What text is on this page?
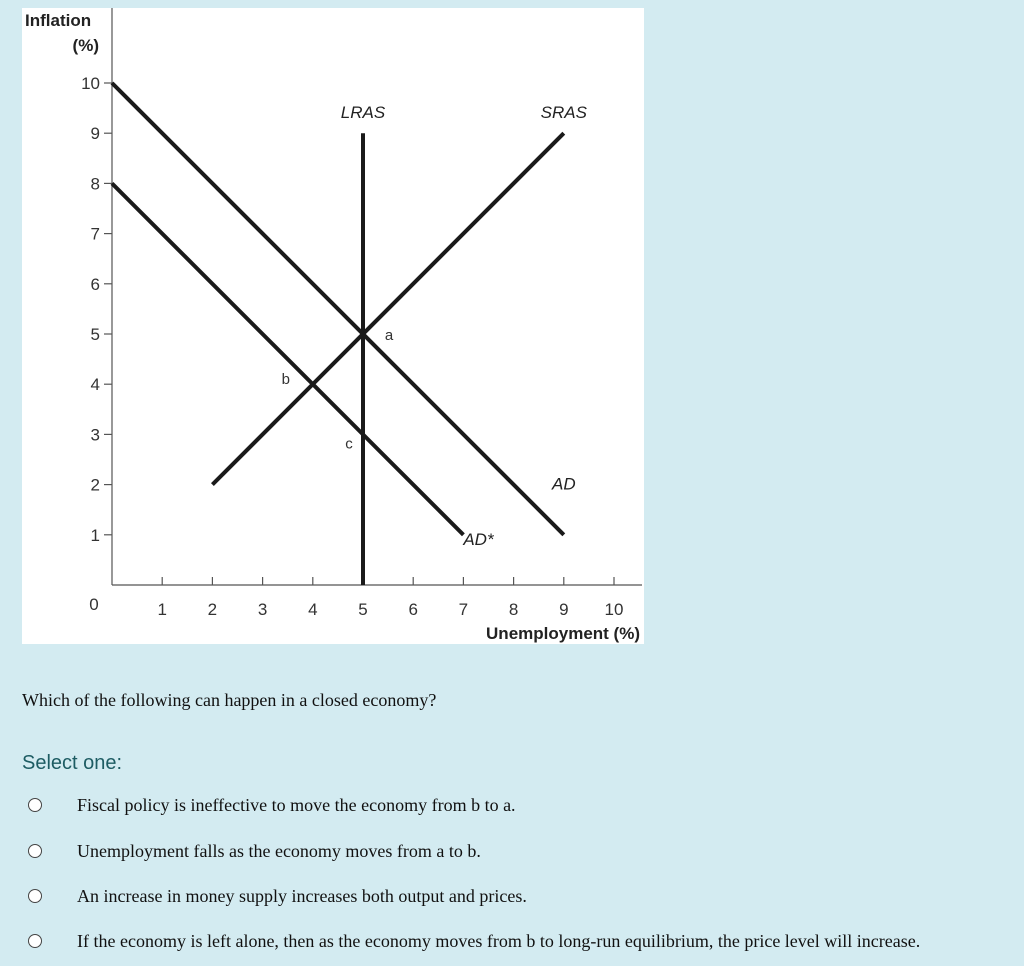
1
2
3
4
5
6
7
8
9
10
1 2 3 4 5 6 7 8 9 10
LRAS	SRAS
AD
AD*
a
b
c
Inflation
(%)
Unemployment (%)
0

Which of the following can happen in a closed economy?

Select one:

Fiscal policy is ineffective to move the economy from b to a.
Unemployment falls as the economy moves from a to b.
An increase in money supply increases both output and prices.
If the economy is left alone, then as the economy moves from b to long-run equilibrium, the price level will increase.
